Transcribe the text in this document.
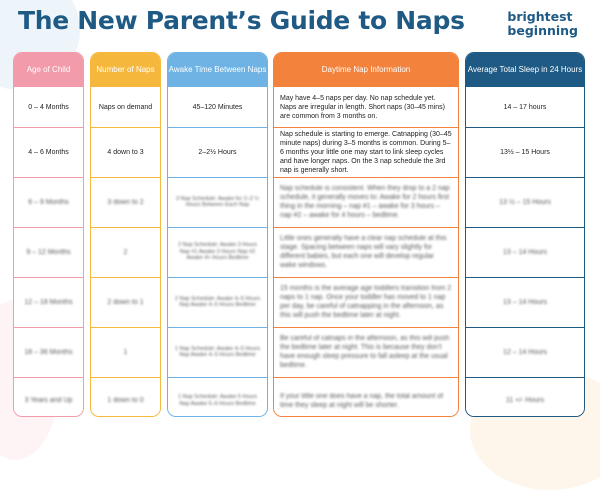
The New Parent’s Guide to Naps	brightest
beginning
Age of Child
0 – 4 Months
4 – 6 Months
6 – 9 Months
9 – 12 Months
12 – 18 Months
18 – 36 Months
3 Years and Up
Number of Naps
Naps on demand
4 down to 3
3 down to 2
2
2 down to 1
1
1 down to 0
Awake Time Between Naps
45–120 Minutes
2–2½ Hours
3 Nap Schedule: Awake for 2–2 ½ Hours Between Each Nap
2 Nap Schedule: Awake 3 Hours Nap #1 Awake 3 Hours Nap #2 Awake 4+ Hours Bedtime
2 Nap Schedule: Awake 4–5 Hours Nap Awake 4–5 Hours Bedtime
1 Nap Schedule: Awake 4–5 Hours Nap Awake 4–5 Hours Bedtime
1 Nap Schedule: Awake 5 Hours Nap Awake 5–6 Hours Bedtime
Daytime Nap Information
May have 4–5 naps per day. No nap schedule yet. Naps are irregular in length. Short naps (30–45 mins) are common from 3 months on.
Nap schedule is starting to emerge. Catnapping (30–45 minute naps) during 3–5 months is common. During 5–6 months your little one may start to link sleep cycles and have longer naps. On the 3 nap schedule the 3rd nap is generally short.
Nap schedule is consistent. When they drop to a 2 nap schedule, it generally moves to: Awake for 2 hours first thing in the morning – nap #1 – awake for 3 hours – nap #2 – awake for 4 hours – bedtime.
Little ones generally have a clear nap schedule at this stage. Spacing between naps will vary slightly for different babies, but each one will develop regular wake windows.
15 months is the average age toddlers transition from 2 naps to 1 nap. Once your toddler has moved to 1 nap per day, be careful of catnapping in the afternoon, as this will push the bedtime later at night.
Be careful of catnaps in the afternoon, as this will push the bedtime later at night. This is because they don’t have enough sleep pressure to fall asleep at the usual bedtime.
If your little one does have a nap, the total amount of time they sleep at night will be shorter.
Average Total Sleep in 24 Hours
14 – 17 hours
13½ – 15 Hours
13 ½ – 15 Hours
13 – 14 Hours
13 – 14 Hours
12 – 14 Hours
11 +/- Hours
